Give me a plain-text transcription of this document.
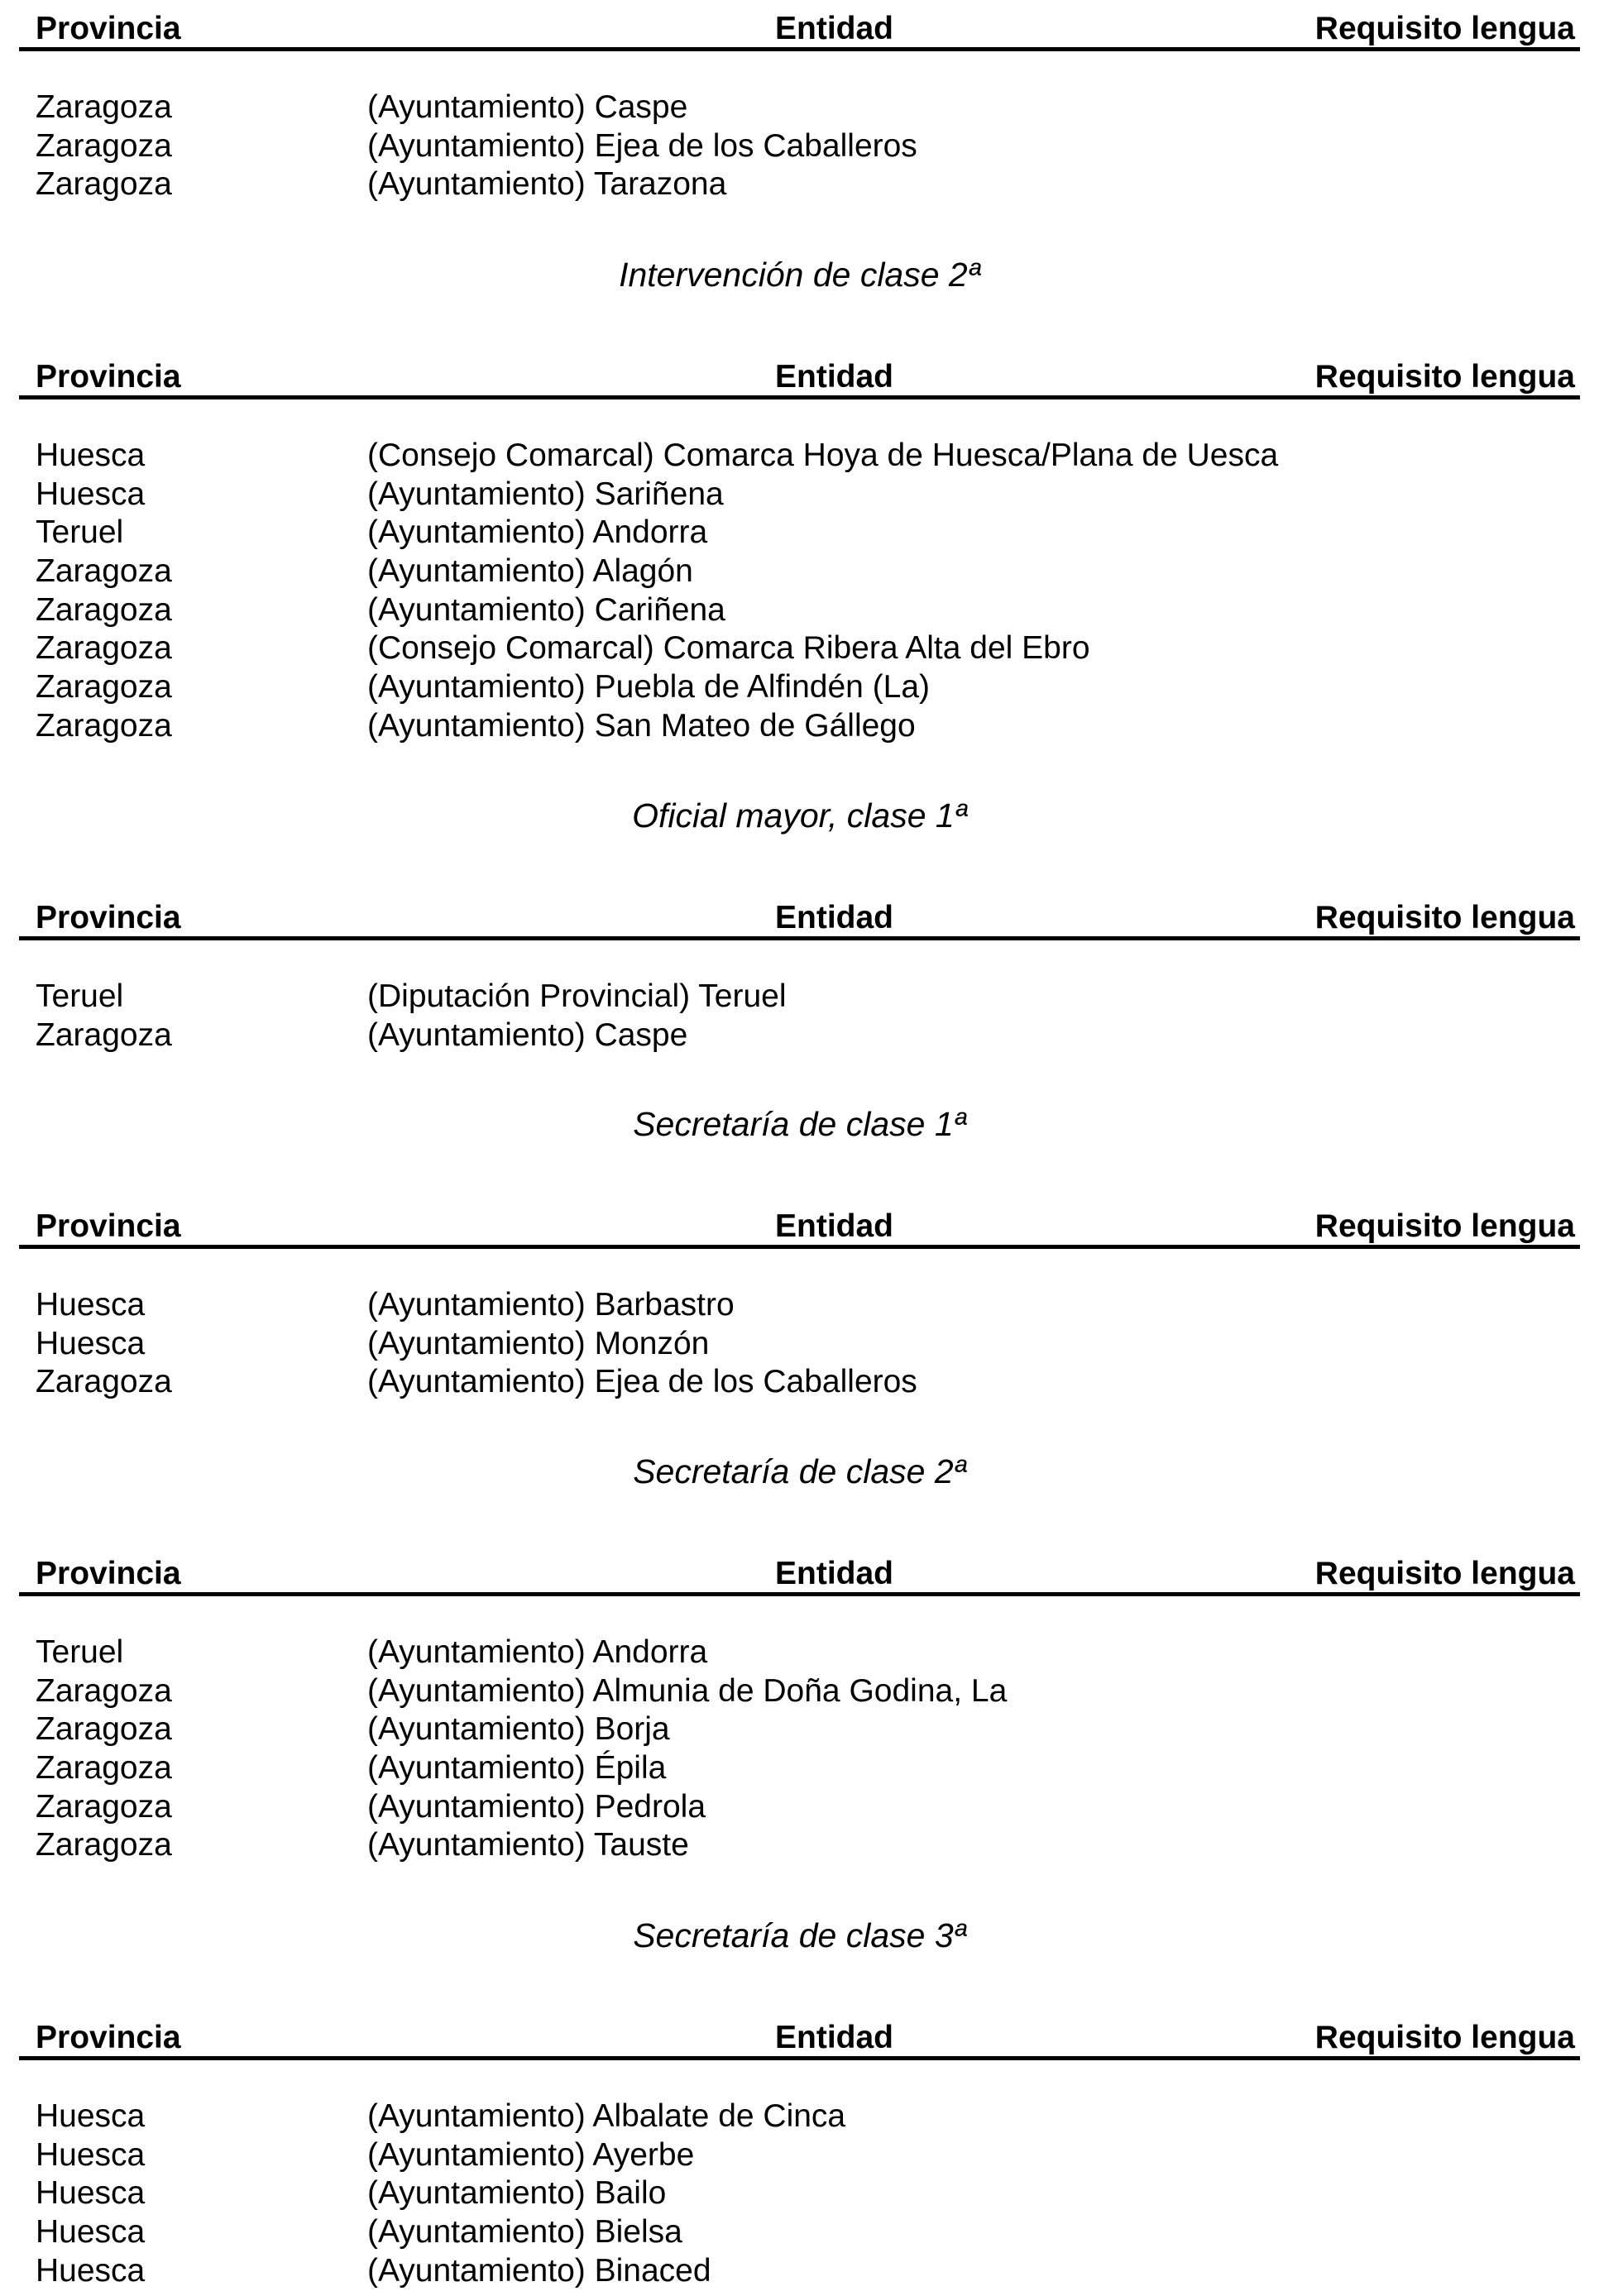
Provincia	Entidad	Requisito lengua
Zaragoza	(Ayuntamiento) Caspe
Zaragoza	(Ayuntamiento) Ejea de los Caballeros
Zaragoza	(Ayuntamiento) Tarazona
Intervención de clase 2ª
Provincia	Entidad	Requisito lengua
Huesca	(Consejo Comarcal) Comarca Hoya de Huesca/Plana de Uesca
Huesca	(Ayuntamiento) Sariñena
Teruel	(Ayuntamiento) Andorra
Zaragoza	(Ayuntamiento) Alagón
Zaragoza	(Ayuntamiento) Cariñena
Zaragoza	(Consejo Comarcal) Comarca Ribera Alta del Ebro
Zaragoza	(Ayuntamiento) Puebla de Alfindén (La)
Zaragoza	(Ayuntamiento) San Mateo de Gállego
Oficial mayor, clase 1ª
Provincia	Entidad	Requisito lengua
Teruel	(Diputación Provincial) Teruel
Zaragoza	(Ayuntamiento) Caspe
Secretaría de clase 1ª
Provincia	Entidad	Requisito lengua
Huesca	(Ayuntamiento) Barbastro
Huesca	(Ayuntamiento) Monzón
Zaragoza	(Ayuntamiento) Ejea de los Caballeros
Secretaría de clase 2ª
Provincia	Entidad	Requisito lengua
Teruel	(Ayuntamiento) Andorra
Zaragoza	(Ayuntamiento) Almunia de Doña Godina, La
Zaragoza	(Ayuntamiento) Borja
Zaragoza	(Ayuntamiento) Épila
Zaragoza	(Ayuntamiento) Pedrola
Zaragoza	(Ayuntamiento) Tauste
Secretaría de clase 3ª
Provincia	Entidad	Requisito lengua
Huesca	(Ayuntamiento) Albalate de Cinca
Huesca	(Ayuntamiento) Ayerbe
Huesca	(Ayuntamiento) Bailo
Huesca	(Ayuntamiento) Bielsa
Huesca	(Ayuntamiento) Binaced
